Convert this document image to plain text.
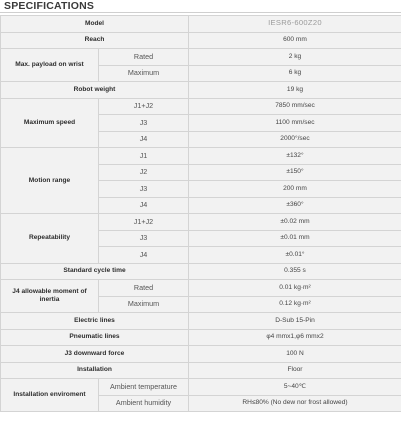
SPECIFICATIONS
Model		IESR6-600Z20
Reach		600 mm
Max. payload on wrist	Rated	2 kg
	Maximum	6 kg
Robot weight		19 kg
Maximum speed	J1+J2	7850 mm/sec
	J3	1100 mm/sec
	J4	2000°/sec
Motion range	J1	±132°
	J2	±150°
	J3	200 mm
	J4	±360°
Repeatability	J1+J2	±0.02 mm
	J3	±0.01 mm
	J4	±0.01°
Standard cycle time		0.355 s
J4 allowable moment of inertia	Rated	0.01 kg·m²
	Maximum	0.12 kg·m²
Electric lines		D-Sub 15-Pin
Pneumatic lines		φ4 mmx1,φ6 mmx2
J3 downward force		100 N
Installation		Floor
Installation enviroment	Ambient temperature	5~40℃
	Ambient humidity	RH≤80% (No dew nor frost allowed)
